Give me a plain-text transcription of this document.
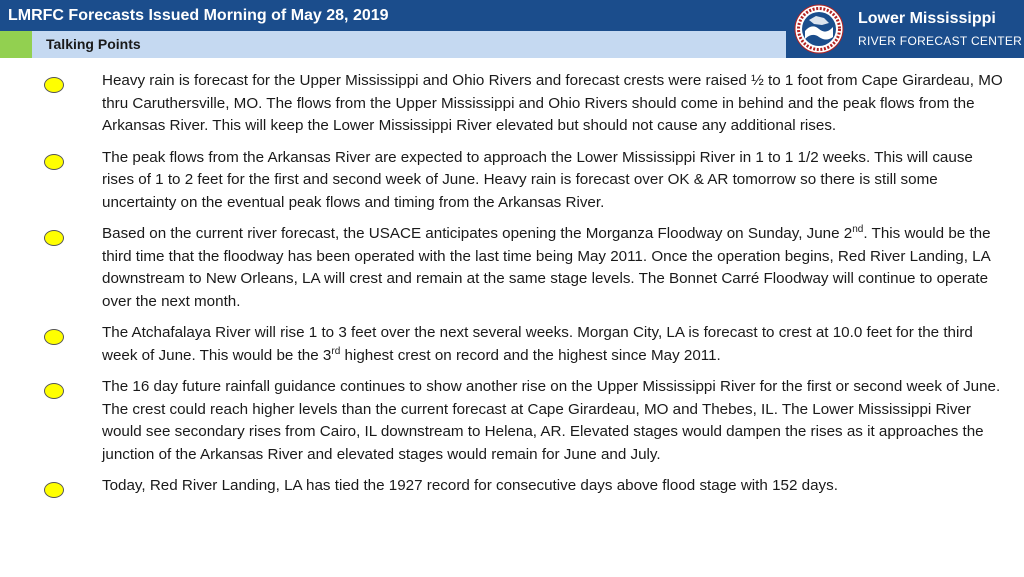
LMRFC Forecasts Issued Morning of May 28, 2019
Talking Points
Lower Mississippi
RIVER FORECAST CENTER
Heavy rain is forecast for the Upper Mississippi and Ohio Rivers and forecast crests were raised ½ to 1 foot from Cape Girardeau, MO thru Caruthersville, MO. The flows from the Upper Mississippi and Ohio Rivers should come in behind and the peak flows from the Arkansas River. This will keep the Lower Mississippi River elevated but should not cause any additional rises.
The peak flows from the Arkansas River are expected to approach the Lower Mississippi River in 1 to 1 1/2 weeks. This will cause rises of 1 to 2 feet for the first and second week of June. Heavy rain is forecast over OK & AR tomorrow so there is still some uncertainty on the eventual peak flows and timing from the Arkansas River.
Based on the current river forecast, the USACE anticipates opening the Morganza Floodway on Sunday, June 2nd. This would be the third time that the floodway has been operated with the last time being May 2011. Once the operation begins, Red River Landing, LA downstream to New Orleans, LA will crest and remain at the same stage levels. The Bonnet Carré Floodway will continue to operate over the next month.
The Atchafalaya River will rise 1 to 3 feet over the next several weeks. Morgan City, LA is forecast to crest at 10.0 feet for the third week of June. This would be the 3rd highest crest on record and the highest since May 2011.
The 16 day future rainfall guidance continues to show another rise on the Upper Mississippi River for the first or second week of June. The crest could reach higher levels than the current forecast at Cape Girardeau, MO and Thebes, IL. The Lower Mississippi River would see secondary rises from Cairo, IL downstream to Helena, AR. Elevated stages would dampen the rises as it approaches the junction of the Arkansas River and elevated stages would remain for June and July.
Today, Red River Landing, LA has tied the 1927 record for consecutive days above flood stage with 152 days.
